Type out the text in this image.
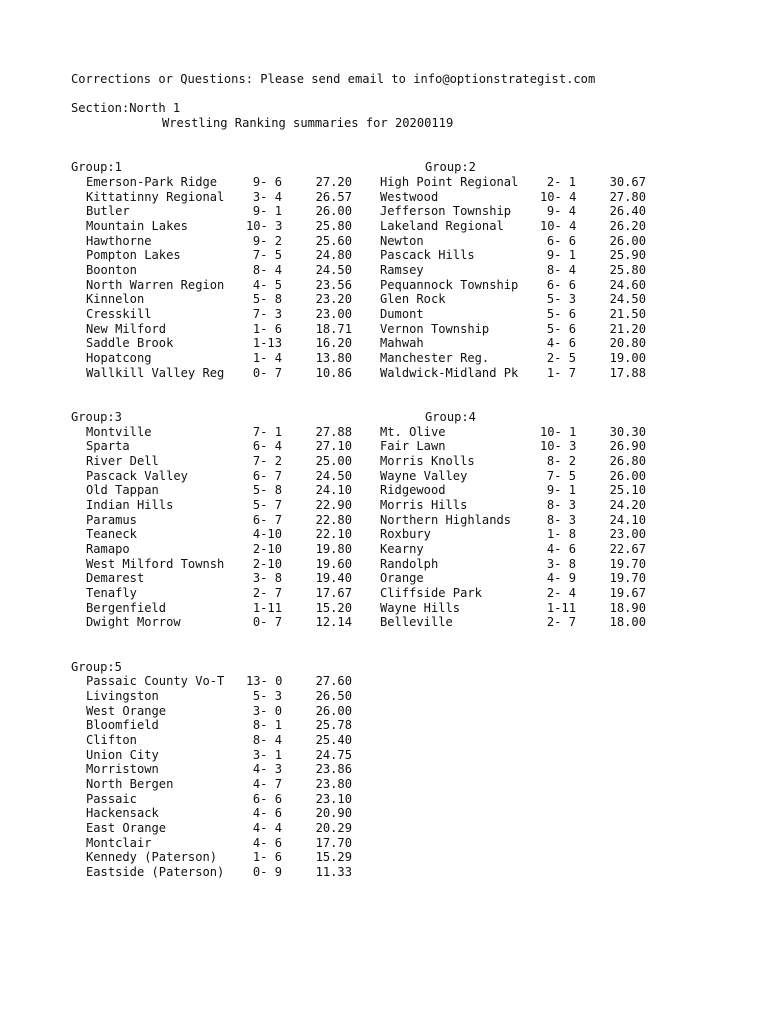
Corrections or Questions: Please send email to info@optionstrategist.com
Section:North 1
Wrestling Ranking summaries for 20200119
Group:1
Emerson-Park Ridge	9- 6	27.20
Kittatinny Regional	3- 4	26.57
Butler	9- 1	26.00
Mountain Lakes	10- 3	25.80
Hawthorne	9- 2	25.60
Pompton Lakes	7- 5	24.80
Boonton	8- 4	24.50
North Warren Region	4- 5	23.56
Kinnelon	5- 8	23.20
Cresskill	7- 3	23.00
New Milford	1- 6	18.71
Saddle Brook	1-13	16.20
Hopatcong	1- 4	13.80
Wallkill Valley Reg	0- 7	10.86
Group:2
High Point Regional	2- 1	30.67
Westwood	10- 4	27.80
Jefferson Township	9- 4	26.40
Lakeland Regional	10- 4	26.20
Newton	6- 6	26.00
Pascack Hills	9- 1	25.90
Ramsey	8- 4	25.80
Pequannock Township	6- 6	24.60
Glen Rock	5- 3	24.50
Dumont	5- 6	21.50
Vernon Township	5- 6	21.20
Mahwah	4- 6	20.80
Manchester Reg.	2- 5	19.00
Waldwick-Midland Pk	1- 7	17.88
Group:3
Montville	7- 1	27.88
Sparta	6- 4	27.10
River Dell	7- 2	25.00
Pascack Valley	6- 7	24.50
Old Tappan	5- 8	24.10
Indian Hills	5- 7	22.90
Paramus	6- 7	22.80
Teaneck	4-10	22.10
Ramapo	2-10	19.80
West Milford Townsh	2-10	19.60
Demarest	3- 8	19.40
Tenafly	2- 7	17.67
Bergenfield	1-11	15.20
Dwight Morrow	0- 7	12.14
Group:4
Mt. Olive	10- 1	30.30
Fair Lawn	10- 3	26.90
Morris Knolls	8- 2	26.80
Wayne Valley	7- 5	26.00
Ridgewood	9- 1	25.10
Morris Hills	8- 3	24.20
Northern Highlands	8- 3	24.10
Roxbury	1- 8	23.00
Kearny	4- 6	22.67
Randolph	3- 8	19.70
Orange	4- 9	19.70
Cliffside Park	2- 4	19.67
Wayne Hills	1-11	18.90
Belleville	2- 7	18.00
Group:5
Passaic County Vo-T	13- 0	27.60
Livingston	5- 3	26.50
West Orange	3- 0	26.00
Bloomfield	8- 1	25.78
Clifton	8- 4	25.40
Union City	3- 1	24.75
Morristown	4- 3	23.86
North Bergen	4- 7	23.80
Passaic	6- 6	23.10
Hackensack	4- 6	20.90
East Orange	4- 4	20.29
Montclair	4- 6	17.70
Kennedy (Paterson)	1- 6	15.29
Eastside (Paterson)	0- 9	11.33
